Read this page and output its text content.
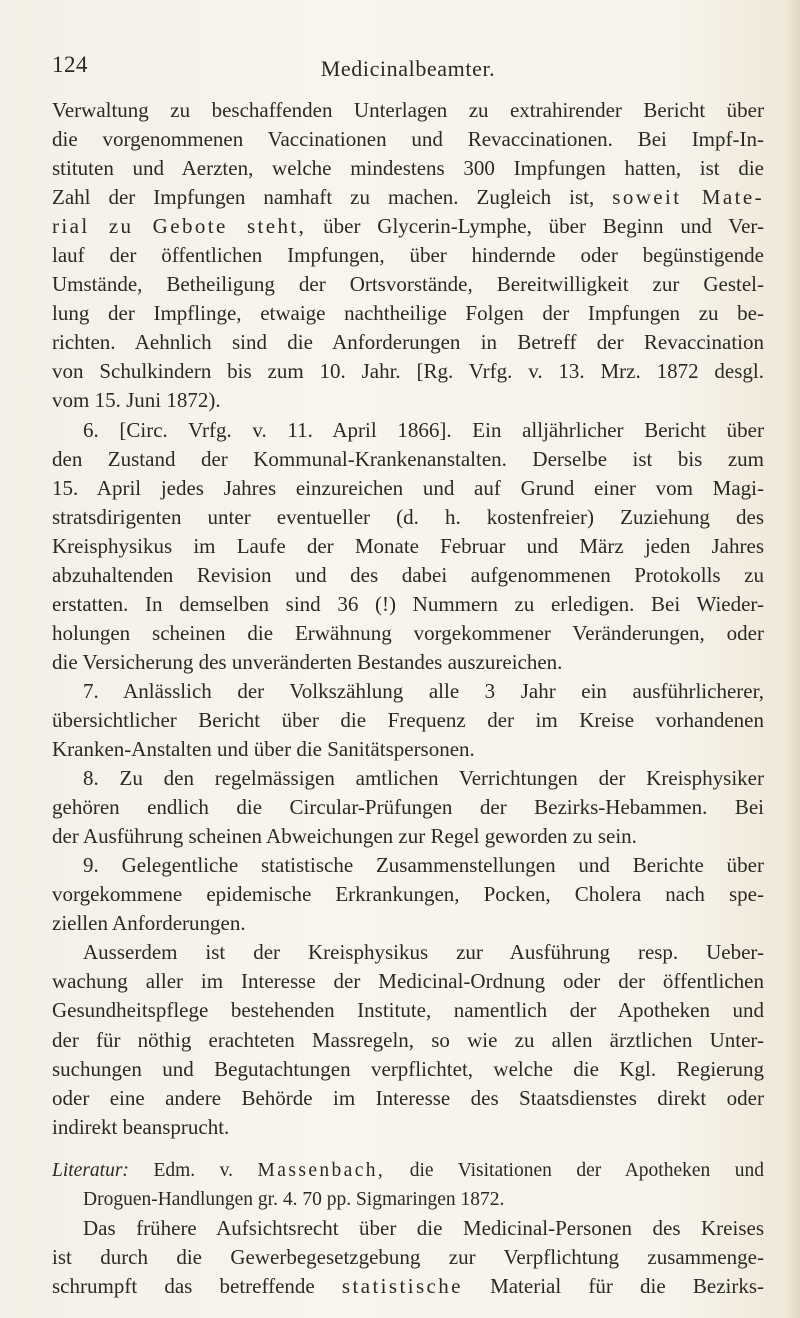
124	Medicinalbeamter.
Verwaltung zu beschaffenden Unterlagen zu extrahirender Bericht über
die vorgenommenen Vaccinationen und Revaccinationen. Bei Impf-In-
stituten und Aerzten, welche mindestens 300 Impfungen hatten, ist die
Zahl der Impfungen namhaft zu machen. Zugleich ist, soweit Mate-
rial zu Gebote steht, über Glycerin-Lymphe, über Beginn und Ver-
lauf der öffentlichen Impfungen, über hindernde oder begünstigende
Umstände, Betheiligung der Ortsvorstände, Bereitwilligkeit zur Gestel-
lung der Impflinge, etwaige nachtheilige Folgen der Impfungen zu be-
richten. Aehnlich sind die Anforderungen in Betreff der Revaccination
von Schulkindern bis zum 10. Jahr. [Rg. Vrfg. v. 13. Mrz. 1872 desgl.
vom 15. Juni 1872).
6. [Circ. Vrfg. v. 11. April 1866]. Ein alljährlicher Bericht über
den Zustand der Kommunal-Krankenanstalten. Derselbe ist bis zum
15. April jedes Jahres einzureichen und auf Grund einer vom Magi-
stratsdirigenten unter eventueller (d. h. kostenfreier) Zuziehung des
Kreisphysikus im Laufe der Monate Februar und März jeden Jahres
abzuhaltenden Revision und des dabei aufgenommenen Protokolls zu
erstatten. In demselben sind 36 (!) Nummern zu erledigen. Bei Wieder-
holungen scheinen die Erwähnung vorgekommener Veränderungen, oder
die Versicherung des unveränderten Bestandes auszureichen.
7. Anlässlich der Volkszählung alle 3 Jahr ein ausführlicherer,
übersichtlicher Bericht über die Frequenz der im Kreise vorhandenen
Kranken-Anstalten und über die Sanitätspersonen.
8. Zu den regelmässigen amtlichen Verrichtungen der Kreisphysiker
gehören endlich die Circular-Prüfungen der Bezirks-Hebammen. Bei
der Ausführung scheinen Abweichungen zur Regel geworden zu sein.
9. Gelegentliche statistische Zusammenstellungen und Berichte über
vorgekommene epidemische Erkrankungen, Pocken, Cholera nach spe-
ziellen Anforderungen.
Ausserdem ist der Kreisphysikus zur Ausführung resp. Ueber-
wachung aller im Interesse der Medicinal-Ordnung oder der öffentlichen
Gesundheitspflege bestehenden Institute, namentlich der Apotheken und
der für nöthig erachteten Massregeln, so wie zu allen ärztlichen Unter-
suchungen und Begutachtungen verpflichtet, welche die Kgl. Regierung
oder eine andere Behörde im Interesse des Staatsdienstes direkt oder
indirekt beansprucht.
Literatur: Edm. v. Massenbach, die Visitationen der Apotheken und
Droguen-Handlungen gr. 4. 70 pp. Sigmaringen 1872.
Das frühere Aufsichtsrecht über die Medicinal-Personen des Kreises
ist durch die Gewerbegesetzgebung zur Verpflichtung zusammenge-
schrumpft das betreffende statistische Material für die Bezirks-
